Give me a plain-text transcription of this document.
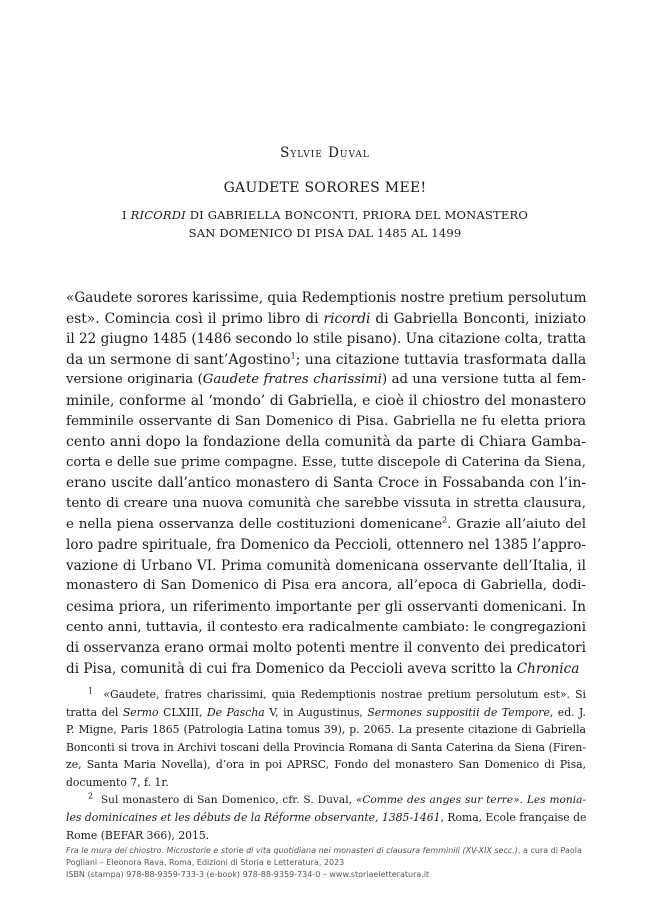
Sylvie Duval
GAUDETE SORORES MEE!
I RICORDI DI GABRIELLA BONCONTI, PRIORA DEL MONASTERO
SAN DOMENICO DI PISA DAL 1485 AL 1499
«Gaudete sorores karissime, quia Redemptionis nostre pretium persolutum
est». Comincia così il primo libro di ricordi di Gabriella Bonconti, iniziato
il 22 giugno 1485 (1486 secondo lo stile pisano). Una citazione colta, tratta
da un sermone di sant’Agostino$^1$; una citazione tuttavia trasformata dalla
versione originaria (Gaudete fratres charissimi) ad una versione tutta al fem-
minile, conforme al ‘mondo’ di Gabriella, e cioè il chiostro del monastero
femminile osservante di San Domenico di Pisa. Gabriella ne fu eletta priora
cento anni dopo la fondazione della comunità da parte di Chiara Gamba-
corta e delle sue prime compagne. Esse, tutte discepole di Caterina da Siena,
erano uscite dall’antico monastero di Santa Croce in Fossabanda con l’in-
tento di creare una nuova comunità che sarebbe vissuta in stretta clausura,
e nella piena osservanza delle costituzioni domenicane$^2$. Grazie all’aiuto del
loro padre spirituale, fra Domenico da Peccioli, ottennero nel 1385 l’appro-
vazione di Urbano VI. Prima comunità domenicana osservante dell’Italia, il
monastero di San Domenico di Pisa era ancora, all’epoca di Gabriella, dodi-
cesima priora, un riferimento importante per gli osservanti domenicani. In
cento anni, tuttavia, il contesto era radicalmente cambiato: le congregazioni
di osservanza erano ormai molto potenti mentre il convento dei predicatori
di Pisa, comunità di cui fra Domenico da Peccioli aveva scritto la Chronica
$^1$ «Gaudete, fratres charissimi, quia Redemptionis nostrae pretium persolutum est». Si
tratta del Sermo CLXIII, De Pascha V, in Augustinus, Sermones suppositii de Tempore, ed. J.
P. Migne, Paris 1865 (Patrologia Latina tomus 39), p. 2065. La presente citazione di Gabriella
Bonconti si trova in Archivi toscani della Provincia Romana di Santa Caterina da Siena (Firen-
ze, Santa Maria Novella), d’ora in poi APRSC, Fondo del monastero San Domenico di Pisa,
documento 7, f. 1r.
$^2$ Sul monastero di San Domenico, cfr. S. Duval, «Comme des anges sur terre». Les monia-
les dominicaines et les débuts de la Réforme observante, 1385-1461, Roma, Ecole française de
Rome (BEFAR 366), 2015.
Fra le mura del chiostro. Microstorie e storie di vita quotidiana nei monasteri di clausura femminili (XV-XIX secc.), a cura di Paola
Pogliani – Eleonora Rava, Roma, Edizioni di Storia e Letteratura, 2023
ISBN (stampa) 978-88-9359-733-3 (e-book) 978-88-9359-734-0 – www.storiaeletteratura.it
